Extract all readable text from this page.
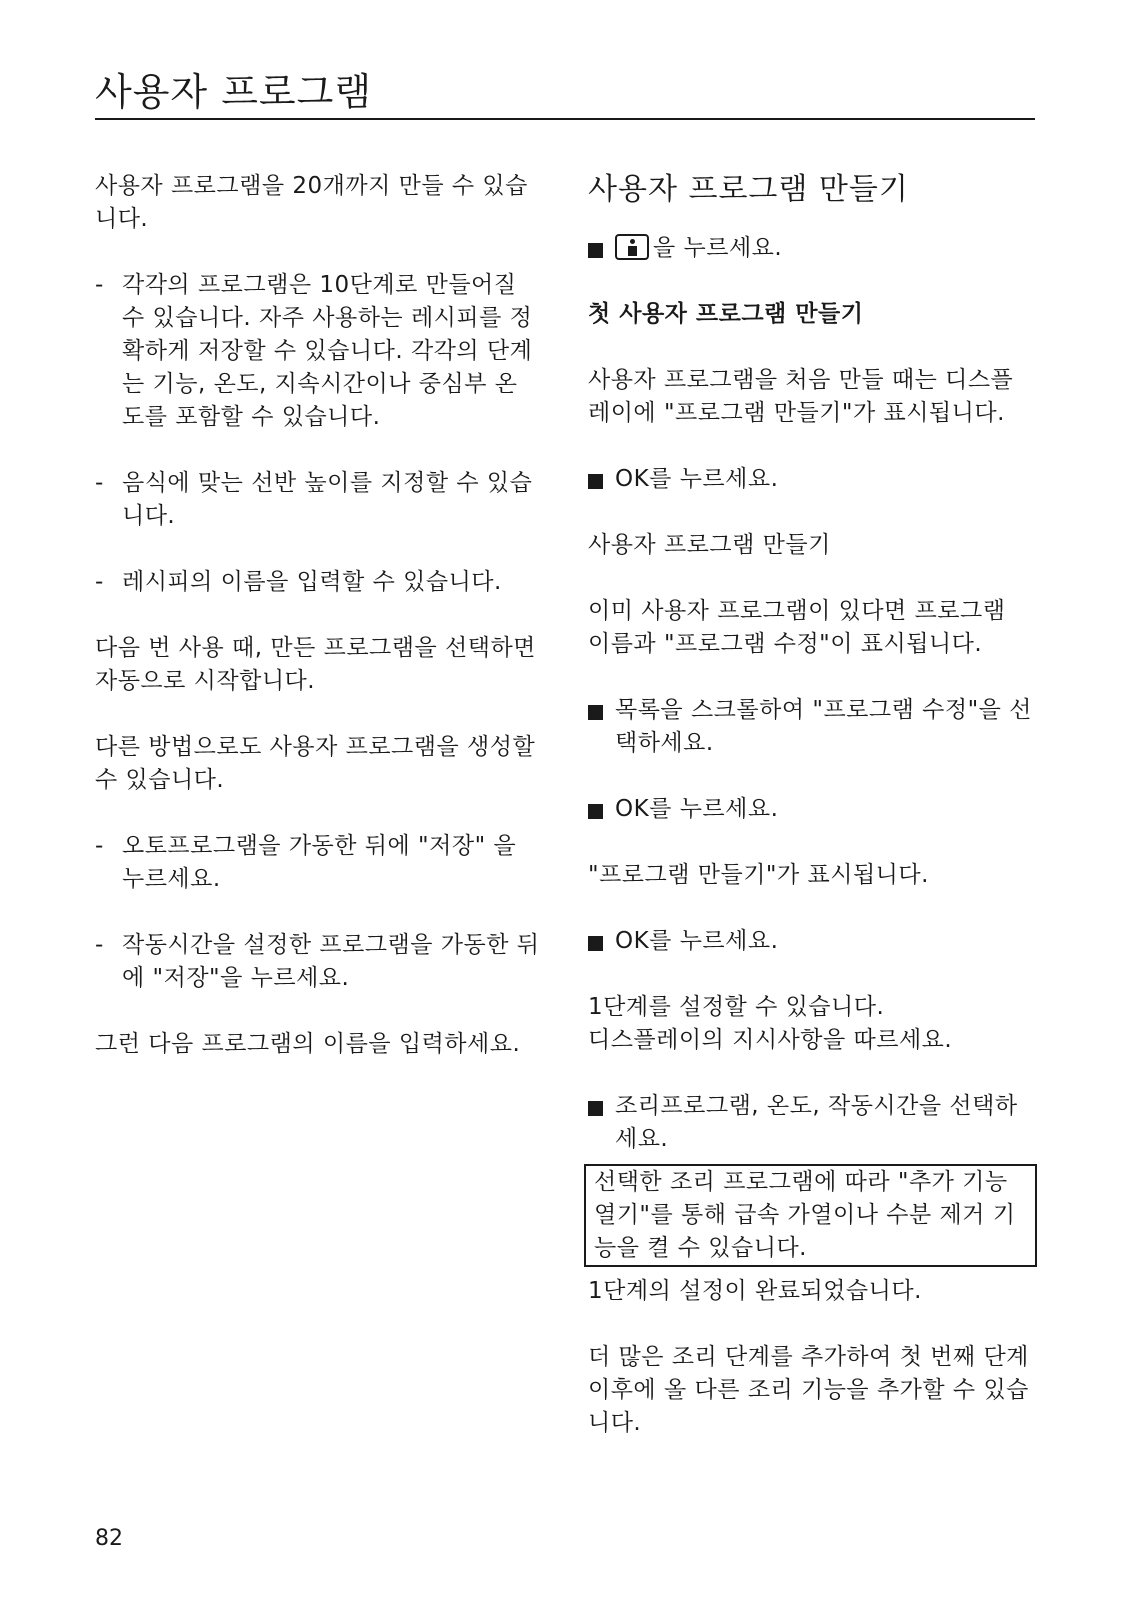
사용자 프로그램

사용자 프로그램을 20개까지 만들 수 있습니다.

- 각각의 프로그램은 10단계로 만들어질 수 있습니다. 자주 사용하는 레시피를 정확하게 저장할 수 있습니다. 각각의 단계는 기능, 온도, 지속시간이나 중심부 온도를 포함할 수 있습니다.
- 음식에 맞는 선반 높이를 지정할 수 있습니다.
- 레시피의 이름을 입력할 수 있습니다.

다음 번 사용 때, 만든 프로그램을 선택하면 자동으로 시작합니다.

다른 방법으로도 사용자 프로그램을 생성할 수 있습니다.

- 오토프로그램을 가동한 뒤에 "저장" 을 누르세요.
- 작동시간을 설정한 프로그램을 가동한 뒤에 "저장"을 누르세요.

그런 다음 프로그램의 이름을 입력하세요.

사용자 프로그램 만들기
을 누르세요.

첫 사용자 프로그램 만들기

사용자 프로그램을 처음 만들 때는 디스플레이에 "프로그램 만들기"가 표시됩니다.

OK를 누르세요.

사용자 프로그램 만들기

이미 사용자 프로그램이 있다면 프로그램 이름과 "프로그램 수정"이 표시됩니다.

목록을 스크롤하여 "프로그램 수정"을 선택하세요.
OK를 누르세요.

"프로그램 만들기"가 표시됩니다.

OK를 누르세요.

1단계를 설정할 수 있습니다.

디스플레이의 지시사항을 따르세요.

조리프로그램, 온도, 작동시간을 선택하세요.

선택한 조리 프로그램에 따라 "추가 기능 열기"를 통해 급속 가열이나 수분 제거 기능을 켤 수 있습니다.

1단계의 설정이 완료되었습니다.

더 많은 조리 단계를 추가하여 첫 번째 단계 이후에 올 다른 조리 기능을 추가할 수 있습니다.

82
